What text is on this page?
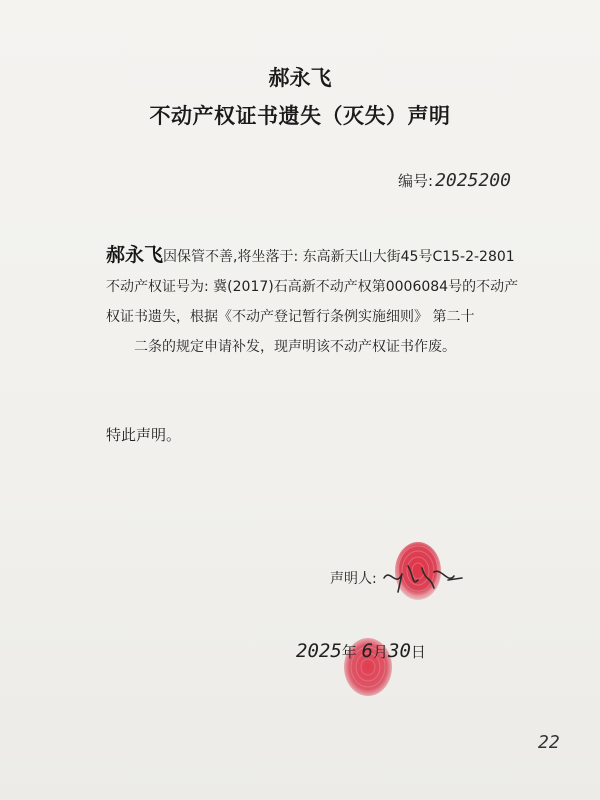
郝永飞
不动产权证书遗失（灭失）声明
编号: 2025200
郝永飞因保管不善,将坐落于: 东高新天山大街45号C15-2-2801
不动产权证号为: 冀(2017)石高新不动产权第0006084号的不动产
权证书遗失，根据《不动产登记暂行条例实施细则》 第二十
二条的规定申请补发，现声明该不动产权证书作废。
特此声明。
声明人:
2025年 6月30日
22
